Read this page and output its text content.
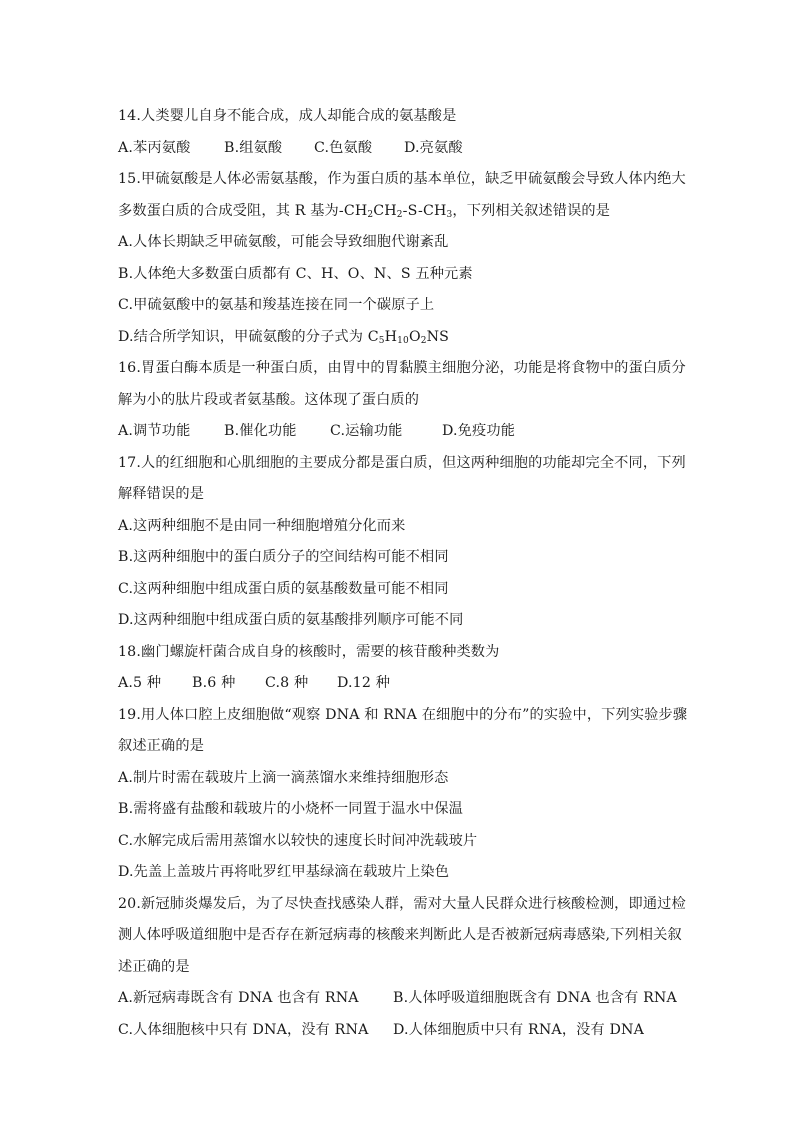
14.人类婴儿自身不能合成，成人却能合成的氨基酸是
A.苯丙氨酸	B.组氨酸	C.色氨酸	D.亮氨酸
15.甲硫氨酸是人体必需氨基酸，作为蛋白质的基本单位，缺乏甲硫氨酸会导致人体内绝大
多数蛋白质的合成受阻，其 R 基为$-CH_2CH_2-S-CH_3$，下列相关叙述错误的是
A.人体长期缺乏甲硫氨酸，可能会导致细胞代谢紊乱
B.人体绝大多数蛋白质都有 C、H、O、N、S 五种元素
C.甲硫氨酸中的氨基和羧基连接在同一个碳原子上
D.结合所学知识，甲硫氨酸的分子式为 $C_5H_{10}O_2NS$
16.胃蛋白酶本质是一种蛋白质，由胃中的胃黏膜主细胞分泌，功能是将食物中的蛋白质分
解为小的肽片段或者氨基酸。这体现了蛋白质的
A.调节功能	B.催化功能	C.运输功能	D.免疫功能
17.人的红细胞和心肌细胞的主要成分都是蛋白质，但这两种细胞的功能却完全不同，下列
解释错误的是
A.这两种细胞不是由同一种细胞增殖分化而来
B.这两种细胞中的蛋白质分子的空间结构可能不相同
C.这两种细胞中组成蛋白质的氨基酸数量可能不相同
D.这两种细胞中组成蛋白质的氨基酸排列顺序可能不同
18.幽门螺旋杆菌合成自身的核酸时，需要的核苷酸种类数为
A.5 种	B.6 种	C.8 种	D.12 种
19.用人体口腔上皮细胞做“观察 DNA 和 RNA 在细胞中的分布”的实验中，下列实验步骤
叙述正确的是
A.制片时需在载玻片上滴一滴蒸馏水来维持细胞形态
B.需将盛有盐酸和载玻片的小烧杯一同置于温水中保温
C.水解完成后需用蒸馏水以较快的速度长时间冲洗载玻片
D.先盖上盖玻片再将吡罗红甲基绿滴在载玻片上染色
20.新冠肺炎爆发后，为了尽快查找感染人群，需对大量人民群众进行核酸检测，即通过检
测人体呼吸道细胞中是否存在新冠病毒的核酸来判断此人是否被新冠病毒感染,下列相关叙
述正确的是
A.新冠病毒既含有 DNA 也含有 RNA	B.人体呼吸道细胞既含有 DNA 也含有 RNA
C.人体细胞核中只有 DNA，没有 RNA	D.人体细胞质中只有 RNA，没有 DNA
